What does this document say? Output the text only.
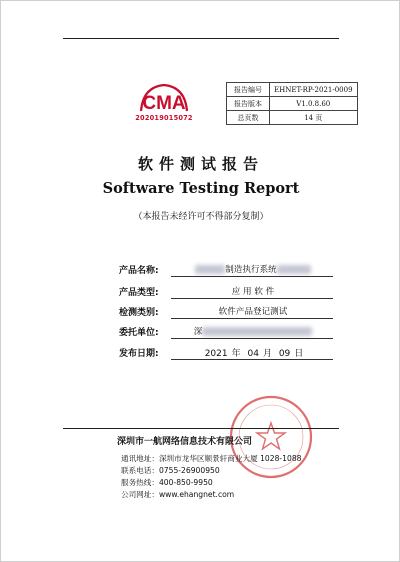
CMA
202019015072
报告编号	EHNET-RP-2021-0009
报告版本	V1.0.8.60
总页数	14 页
软件测试报告
Software Testing Report
（本报告未经许可不得部分复制）
产品名称:	制造执行系统
产品类型:	应 用 软 件
检测类别:	软件产品登记测试
委托单位:	深
发布日期:	2021 年 04 月 09 日
深圳市一航网络信息技术有限公司
通讯地址：深圳市龙华区顺景轩商业大厦 1028-1088
联系电话：0755-26900950
服务热线：400-850-9950
公司网址：www.ehangnet.com
